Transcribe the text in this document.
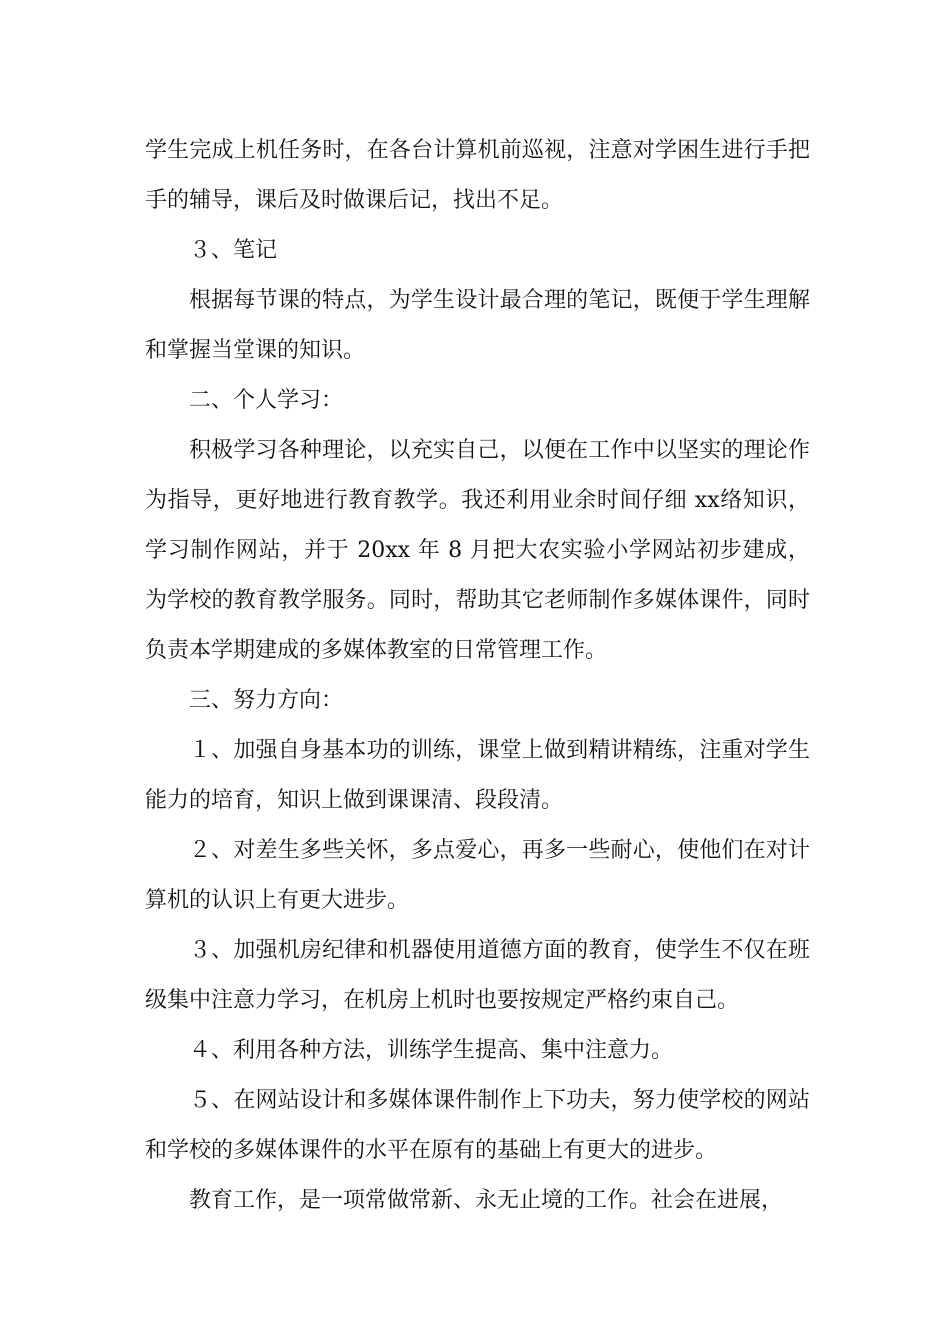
学生完成上机任务时，在各台计算机前巡视，注意对学困生进行手把手的辅导，课后及时做课后记，找出不足。

３、笔记

根据每节课的特点，为学生设计最合理的笔记，既便于学生理解和掌握当堂课的知识。

二、个人学习：

积极学习各种理论，以充实自己，以便在工作中以坚实的理论作为指导，更好地进行教育教学。我还利用业余时间仔细 xx络知识，学习制作网站，并于 20xx 年 8 月把大农实验小学网站初步建成，为学校的教育教学服务。同时，帮助其它老师制作多媒体课件，同时负责本学期建成的多媒体教室的日常管理工作。

三、努力方向：

１、加强自身基本功的训练，课堂上做到精讲精练，注重对学生能力的培育，知识上做到课课清、段段清。

２、对差生多些关怀，多点爱心，再多一些耐心，使他们在对计算机的认识上有更大进步。

３、加强机房纪律和机器使用道德方面的教育，使学生不仅在班级集中注意力学习，在机房上机时也要按规定严格约束自己。

４、利用各种方法，训练学生提高、集中注意力。

５、在网站设计和多媒体课件制作上下功夫，努力使学校的网站和学校的多媒体课件的水平在原有的基础上有更大的进步。

教育工作，是一项常做常新、永无止境的工作。社会在进展，
